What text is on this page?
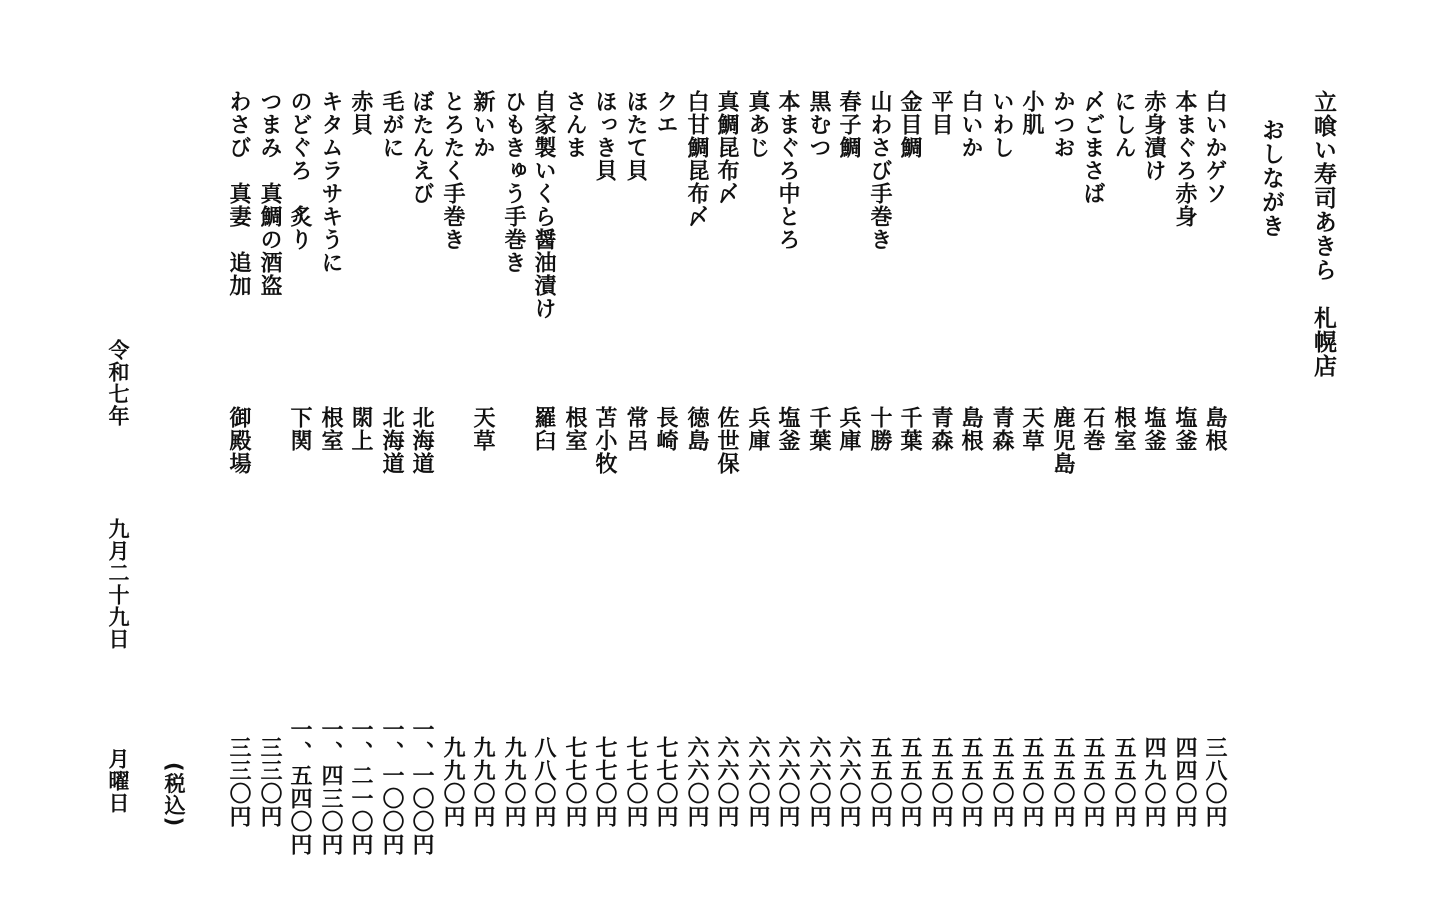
立喰い寿司あきら　札幌店
おしながき
白いかゲソ
島根
三八〇円
本まぐろ赤身
塩釜
四四〇円
赤身漬け
塩釜
四九〇円
にしん
根室
五五〇円
〆ごまさば
石巻
五五〇円
かつお
鹿児島
五五〇円
小肌
天草
五五〇円
いわし
青森
五五〇円
白いか
島根
五五〇円
平目
青森
五五〇円
金目鯛
千葉
五五〇円
山わさび手巻き
十勝
五五〇円
春子鯛
兵庫
六六〇円
黒むつ
千葉
六六〇円
本まぐろ中とろ
塩釜
六六〇円
真あじ
兵庫
六六〇円
真鯛昆布〆
佐世保
六六〇円
白甘鯛昆布〆
徳島
六六〇円
クエ
長崎
七七〇円
ほたて貝
常呂
七七〇円
ほっき貝
苫小牧
七七〇円
さんま
根室
七七〇円
自家製いくら醤油漬け
羅臼
八八〇円
ひもきゅう手巻き
九九〇円
新いか
天草
九九〇円
とろたく手巻き
九九〇円
ぼたんえび
北海道
一、一〇〇円
毛がに
北海道
一、一〇〇円
赤貝
閖上
一、二一〇円
キタムラサキうに
根室
一、四三〇円
のどぐろ　炙り
下関
一、五四〇円
つまみ　真鯛の酒盗
三三〇円
わさび　真妻　追加
御殿場
三三〇円
(税込)
令和七年
九月二十九日
月曜日
